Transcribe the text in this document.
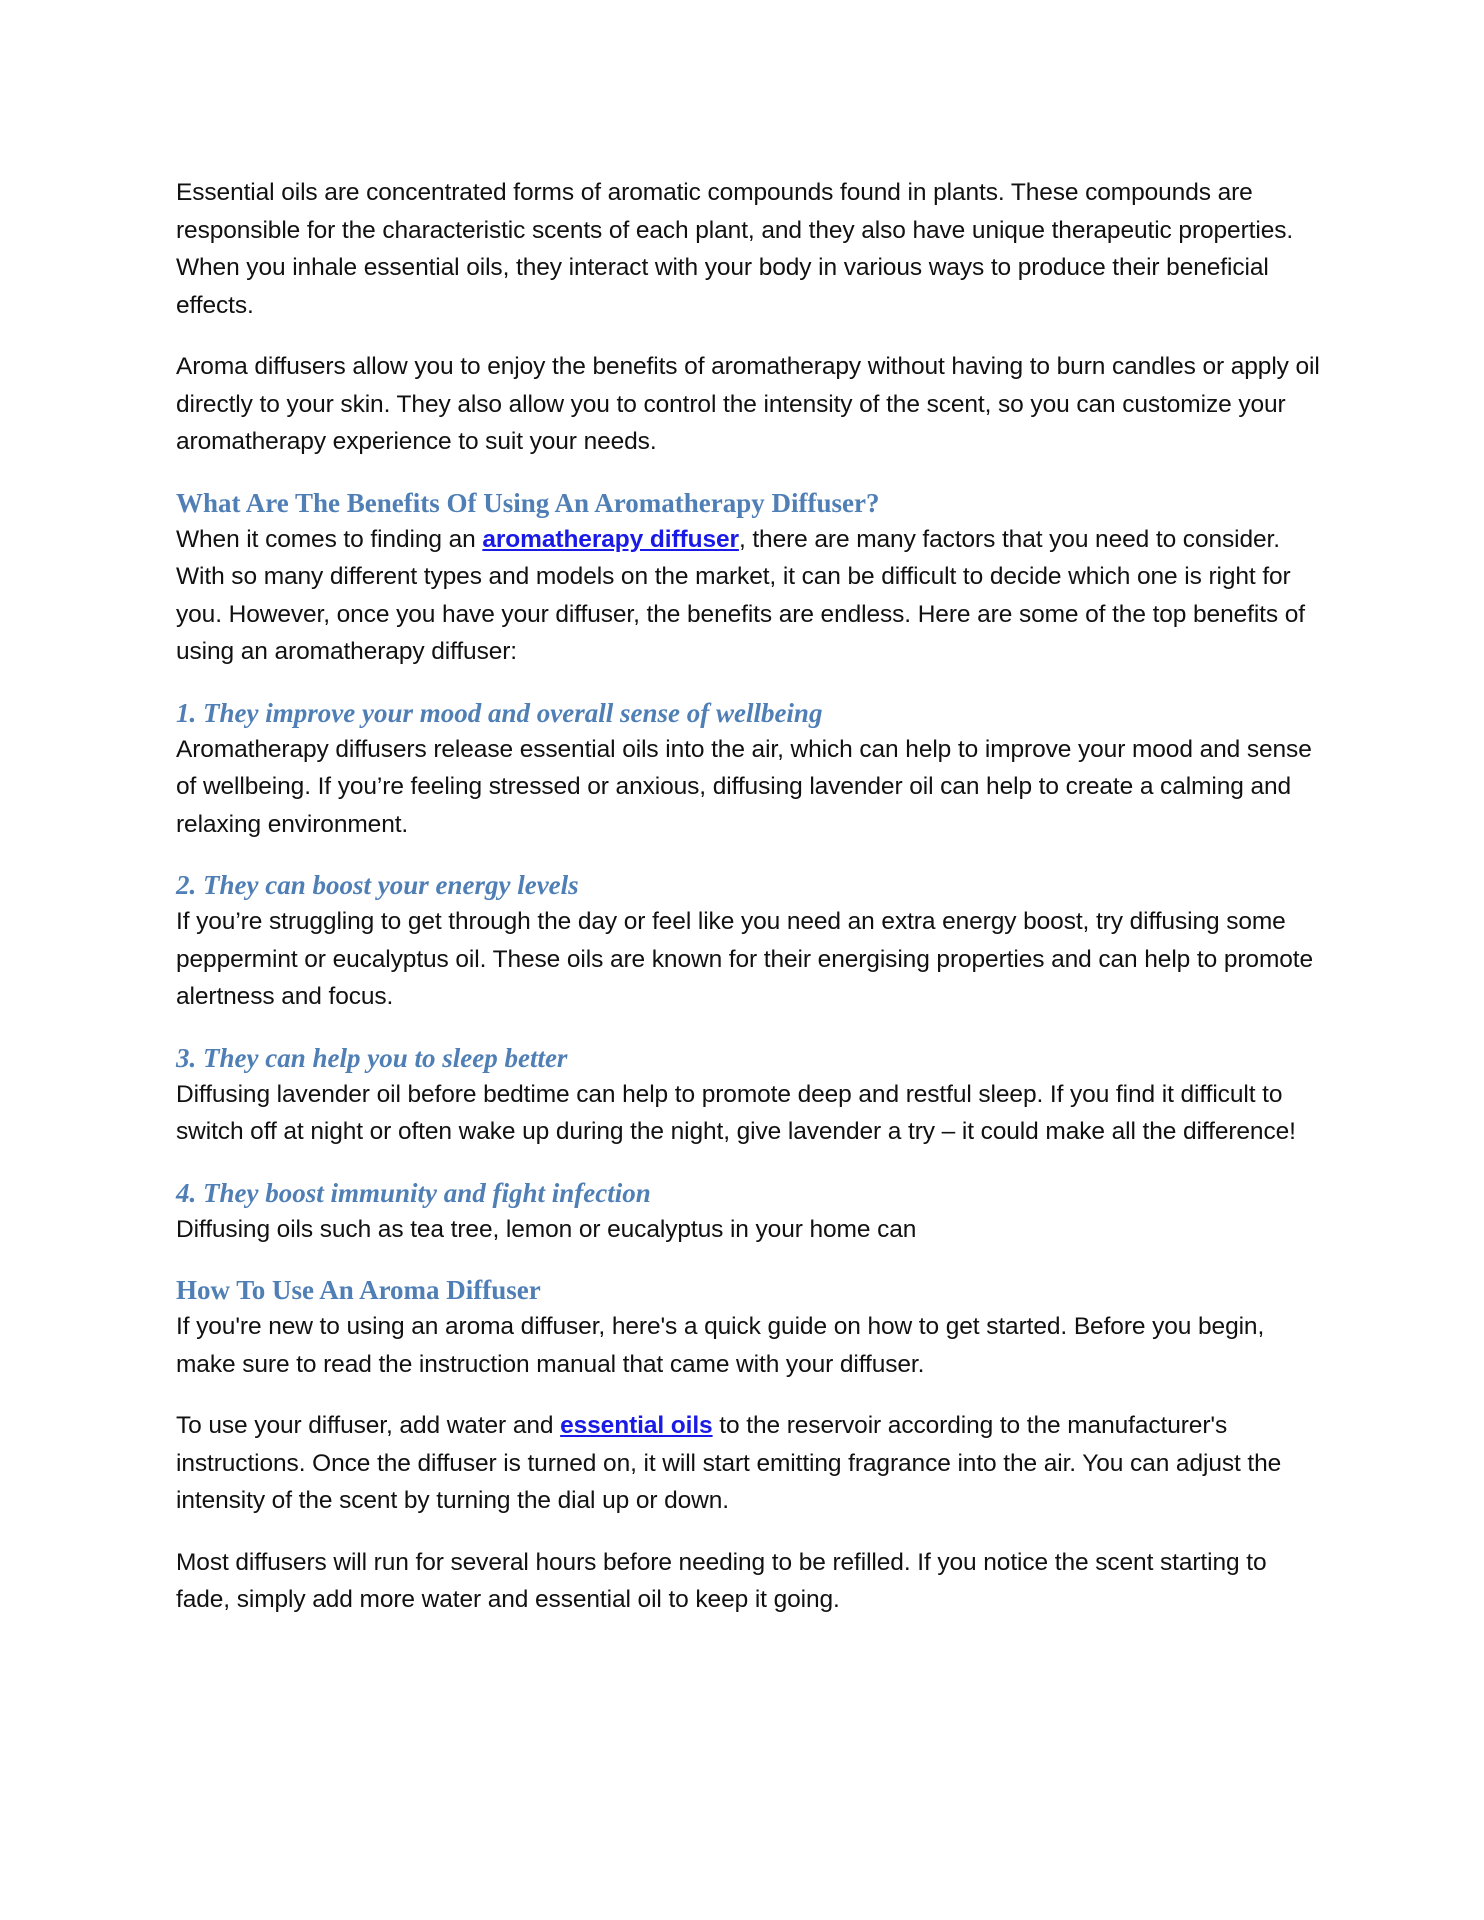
Essential oils are concentrated forms of aromatic compounds found in plants. These compounds are responsible for the characteristic scents of each plant, and they also have unique therapeutic properties. When you inhale essential oils, they interact with your body in various ways to produce their beneficial effects.

Aroma diffusers allow you to enjoy the benefits of aromatherapy without having to burn candles or apply oil directly to your skin. They also allow you to control the intensity of the scent, so you can customize your aromatherapy experience to suit your needs.

What Are The Benefits Of Using An Aromatherapy Diffuser?

When it comes to finding an aromatherapy diffuser, there are many factors that you need to consider. With so many different types and models on the market, it can be difficult to decide which one is right for you. However, once you have your diffuser, the benefits are endless. Here are some of the top benefits of using an aromatherapy diffuser:

1. They improve your mood and overall sense of wellbeing

Aromatherapy diffusers release essential oils into the air, which can help to improve your mood and sense of wellbeing. If you’re feeling stressed or anxious, diffusing lavender oil can help to create a calming and relaxing environment.

2. They can boost your energy levels

If you’re struggling to get through the day or feel like you need an extra energy boost, try diffusing some peppermint or eucalyptus oil. These oils are known for their energising properties and can help to promote alertness and focus.

3. They can help you to sleep better

Diffusing lavender oil before bedtime can help to promote deep and restful sleep. If you find it difficult to switch off at night or often wake up during the night, give lavender a try – it could make all the difference!

4. They boost immunity and fight infection

Diffusing oils such as tea tree, lemon or eucalyptus in your home can

How To Use An Aroma Diffuser

If you're new to using an aroma diffuser, here's a quick guide on how to get started. Before you begin, make sure to read the instruction manual that came with your diffuser.

To use your diffuser, add water and essential oils to the reservoir according to the manufacturer's instructions. Once the diffuser is turned on, it will start emitting fragrance into the air. You can adjust the intensity of the scent by turning the dial up or down.

Most diffusers will run for several hours before needing to be refilled. If you notice the scent starting to fade, simply add more water and essential oil to keep it going.
